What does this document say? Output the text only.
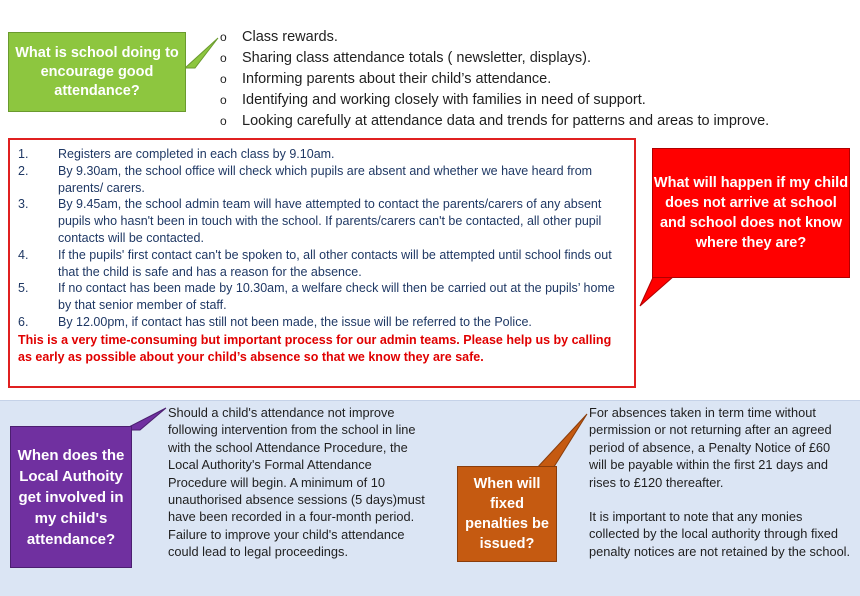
What is school doing to encourage good attendance?
o Class rewards.
o Sharing class attendance totals ( newsletter, displays).
o Informing parents about their child’s attendance.
o Identifying and working closely with families in need of support.
o Looking carefully at attendance data and trends for patterns and areas to improve.
1. Registers are completed in each class by 9.10am.
2. By 9.30am, the school office will check which pupils are absent and whether we have heard from parents/ carers.
3. By 9.45am, the school admin team will have attempted to contact the parents/carers of any absent pupils who hasn't been in touch with the school. If parents/carers can't be contacted, all other pupil contacts will be contacted.
4. If the pupils' first contact can't be spoken to, all other contacts will be attempted until school finds out that the child is safe and has a reason for the absence.
5. If no contact has been made by 10.30am, a welfare check will then be carried out at the pupils’ home by that senior member of staff.
6. By 12.00pm, if contact has still not been made, the issue will be referred to the Police.
This is a very time-consuming but important process for our admin teams. Please help us by calling as early as possible about your child’s absence so that we know they are safe.
What will happen if my child does not arrive at school and school does not know where they are?
When does the Local Authoity get involved in my child's attendance?
Should a child's attendance not improve following intervention from the school in line with the school Attendance Procedure, the Local Authority's Formal Attendance Procedure will begin. A minimum of 10 unauthorised absence sessions (5 days)must have been recorded in a four-month period. Failure to improve your child's attendance could lead to legal proceedings.
When will fixed penalties be issued?
For absences taken in term time without permission or not returning after an agreed period of absence, a Penalty Notice of £60 will be payable within the first 21 days and rises to £120 thereafter.
It is important to note that any monies collected by the local authority through fixed penalty notices are not retained by the school.
